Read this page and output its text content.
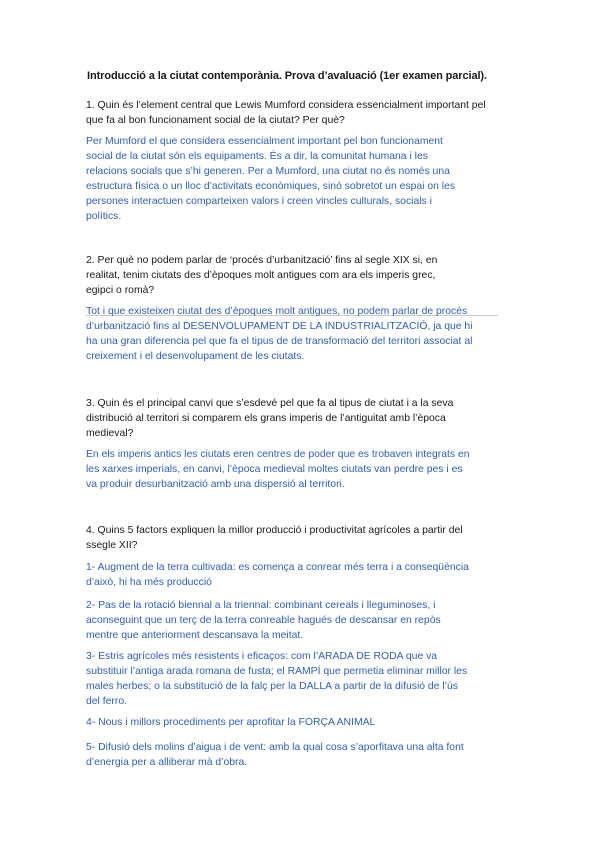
Introducció a la ciutat contemporània. Prova d’avaluació (1er examen parcial).
1. Quin és l’element central que Lewis Mumford considera essencialment important pel
que fa al bon funcionament social de la ciutat? Per què?
Per Mumford el que considera essencialment important pel bon funcionament
social de la ciutat són els equipaments. És a dir, la comunitat humana i les
relacions socials que s’hi generen. Per a Mumford, una ciutat no és només una
estructura física o un lloc d’activitats econòmiques, sinó sobretot un espai on les
persones interactuen comparteixen valors i creen vincles culturals, socials i
polítics.
2. Per què no podem parlar de ‘procés d’urbanització’ fins al segle XIX si, en
realitat, tenim ciutats des d’èpoques molt antigues com ara els imperis grec,
egipci o romà?
Tot i que existeixen ciutat des d’èpoques molt antigues, no podem parlar de procés
d’urbanització fins al DESENVOLUPAMENT DE LA INDUSTRIALITZACIÓ, ja que hi
ha una gran diferencia pel que fa el tipus de de transformació del territori associat al
creixement i el desenvolupament de les ciutats.
3. Quin és el principal canvi que s’esdevé pel que fa al tipus de ciutat i a la seva
distribució al territori si comparem els grans imperis de l’antiguitat amb l’època
medieval?
En els imperis antics les ciutats eren centres de poder que es trobaven integrats en
les xarxes imperials, en canvi, l’època medieval moltes ciutats van perdre pes i es
va produir desurbanització amb una dispersió al territori.
4. Quins 5 factors expliquen la millor producció i productivitat agrícoles a partir del
ssegle XII?
1- Augment de la terra cultivada: es comença a conrear més terra i a conseqüència
d’això, hi ha més producció
2- Pas de la rotació biennal a la triennal: combinant cereals i lleguminoses, i
aconseguint que un terç de la terra conreable hagués de descansar en repòs
mentre que anteriorment descansava la meitat.
3- Estris agrícoles més resistents i eficaços: com l’ARADA DE RODA que va
substituir l’antiga arada romana de fusta; el RAMPÍ que permetia eliminar millor les
males herbes; o la substitució de la falç per la DALLA a partir de la difusió de l’ús
del ferro.
4- Nous i millors procediments per aprofitar la FORÇA ANIMAL
5- Difusió dels molins d’aigua i de vent: amb la qual cosa s’aporfitava una alta font
d’energia per a alliberar mà d’obra.
